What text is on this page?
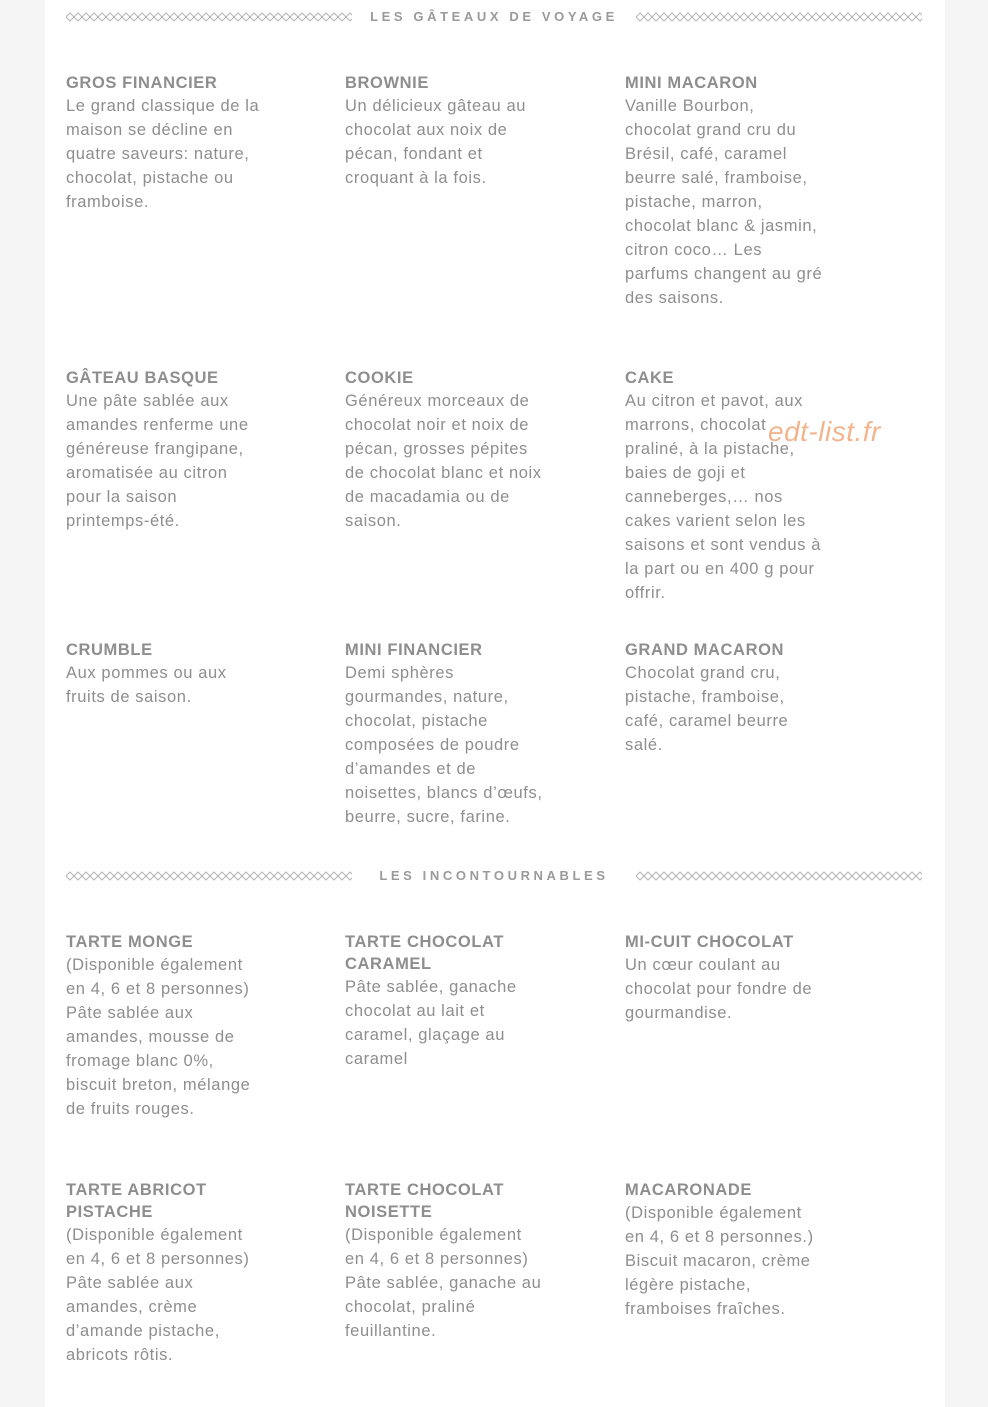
LES GÂTEAUX DE VOYAGE

GROS FINANCIER

Le grand classique de la maison se décline en quatre saveurs: nature, chocolat, pistache ou framboise.

BROWNIE

Un délicieux gâteau au chocolat aux noix de pécan, fondant et croquant à la fois.

MINI MACARON

Vanille Bourbon, chocolat grand cru du Brésil, café, caramel beurre salé, framboise, pistache, marron, chocolat blanc & jasmin, citron coco… Les parfums changent au gré des saisons.

GÂTEAU BASQUE

Une pâte sablée aux amandes renferme une généreuse frangipane, aromatisée au citron pour la saison printemps-été.

COOKIE

Généreux morceaux de chocolat noir et noix de pécan, grosses pépites de chocolat blanc et noix de macadamia ou de saison.

CAKE

Au citron et pavot, aux marrons, chocolat praliné, à la pistache, baies de goji et canneberges,… nos cakes varient selon les saisons et sont vendus à la part ou en 400 g pour offrir.

CRUMBLE

Aux pommes ou aux fruits de saison.

MINI FINANCIER

Demi sphères gourmandes, nature, chocolat, pistache composées de poudre d’amandes et de noisettes, blancs d’œufs, beurre, sucre, farine.

GRAND MACARON

Chocolat grand cru, pistache, framboise, café, caramel beurre salé.

LES INCONTOURNABLES

TARTE MONGE

(Disponible également en 4, 6 et 8 personnes) Pâte sablée aux amandes, mousse de fromage blanc 0%, biscuit breton, mélange de fruits rouges.

TARTE CHOCOLAT CARAMEL

Pâte sablée, ganache chocolat au lait et caramel, glaçage au caramel

MI-CUIT CHOCOLAT

Un cœur coulant au chocolat pour fondre de gourmandise.

TARTE ABRICOT PISTACHE

(Disponible également en 4, 6 et 8 personnes) Pâte sablée aux amandes, crème d’amande pistache, abricots rôtis.

TARTE CHOCOLAT NOISETTE

(Disponible également en 4, 6 et 8 personnes) Pâte sablée, ganache au chocolat, praliné feuillantine.

MACARONADE

(Disponible également en 4, 6 et 8 personnes.) Biscuit macaron, crème légère pistache, framboises fraîches.

edt-list.fr
